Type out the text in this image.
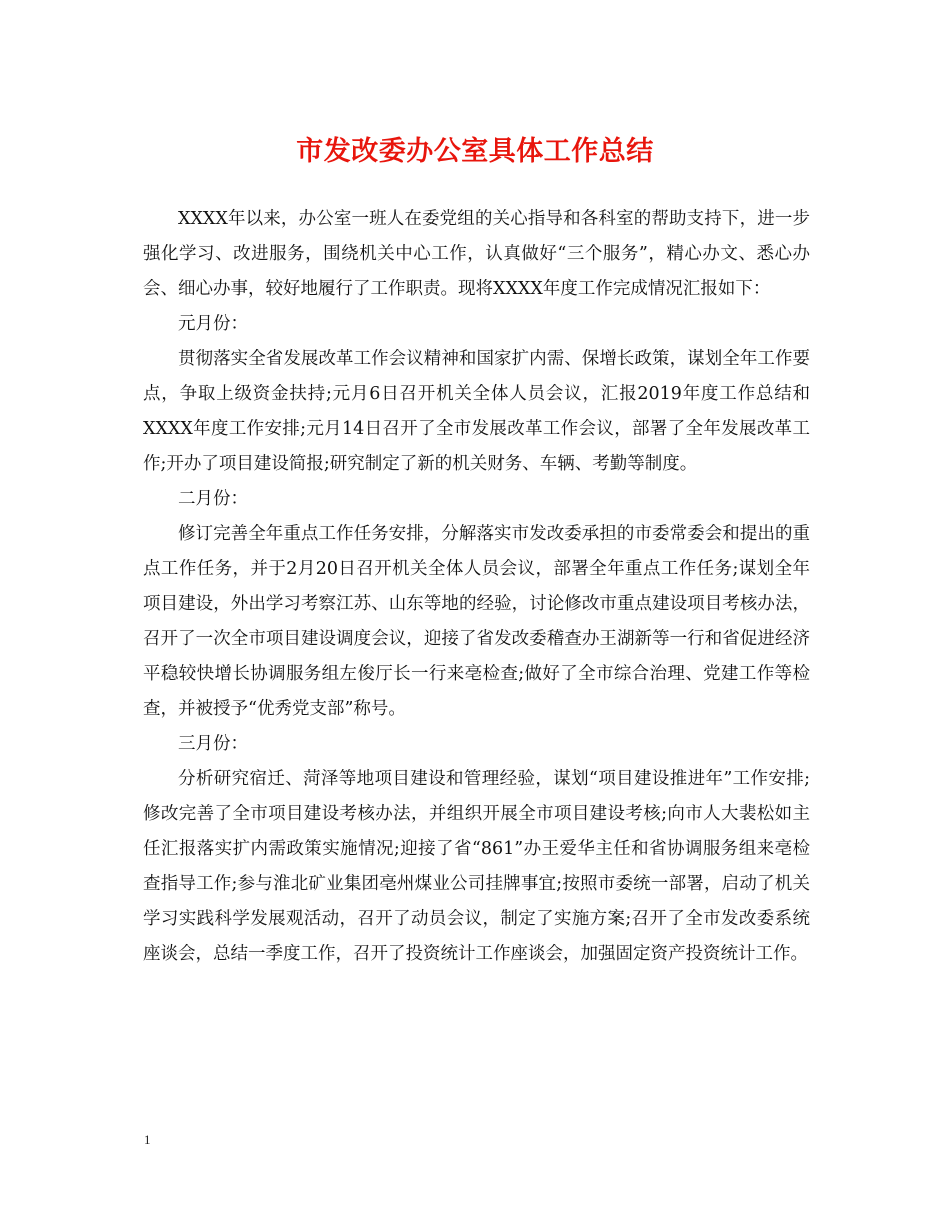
市发改委办公室具体工作总结

XXXX年以来，办公室一班人在委党组的关心指导和各科室的帮助支持下，进一步强化学习、改进服务，围绕机关中心工作，认真做好“三个服务”，精心办文、悉心办会、细心办事，较好地履行了工作职责。现将XXXX年度工作完成情况汇报如下：

元月份：

贯彻落实全省发展改革工作会议精神和国家扩内需、保增长政策，谋划全年工作要点，争取上级资金扶持;元月6日召开机关全体人员会议，汇报2019年度工作总结和XXXX年度工作安排;元月14日召开了全市发展改革工作会议，部署了全年发展改革工作;开办了项目建设简报;研究制定了新的机关财务、车辆、考勤等制度。

二月份：

修订完善全年重点工作任务安排，分解落实市发改委承担的市委常委会和提出的重点工作任务，并于2月20日召开机关全体人员会议，部署全年重点工作任务;谋划全年项目建设，外出学习考察江苏、山东等地的经验，讨论修改市重点建设项目考核办法，召开了一次全市项目建设调度会议，迎接了省发改委稽查办王湖新等一行和省促进经济平稳较快增长协调服务组左俊厅长一行来亳检查;做好了全市综合治理、党建工作等检查，并被授予“优秀党支部”称号。

三月份：

分析研究宿迁、菏泽等地项目建设和管理经验，谋划“项目建设推进年”工作安排;修改完善了全市项目建设考核办法，并组织开展全市项目建设考核;向市人大裴松如主任汇报落实扩内需政策实施情况;迎接了省“861”办王爱华主任和省协调服务组来亳检查指导工作;参与淮北矿业集团亳州煤业公司挂牌事宜;按照市委统一部署，启动了机关学习实践科学发展观活动，召开了动员会议，制定了实施方案;召开了全市发改委系统座谈会，总结一季度工作，召开了投资统计工作座谈会，加强固定资产投资统计工作。

1
